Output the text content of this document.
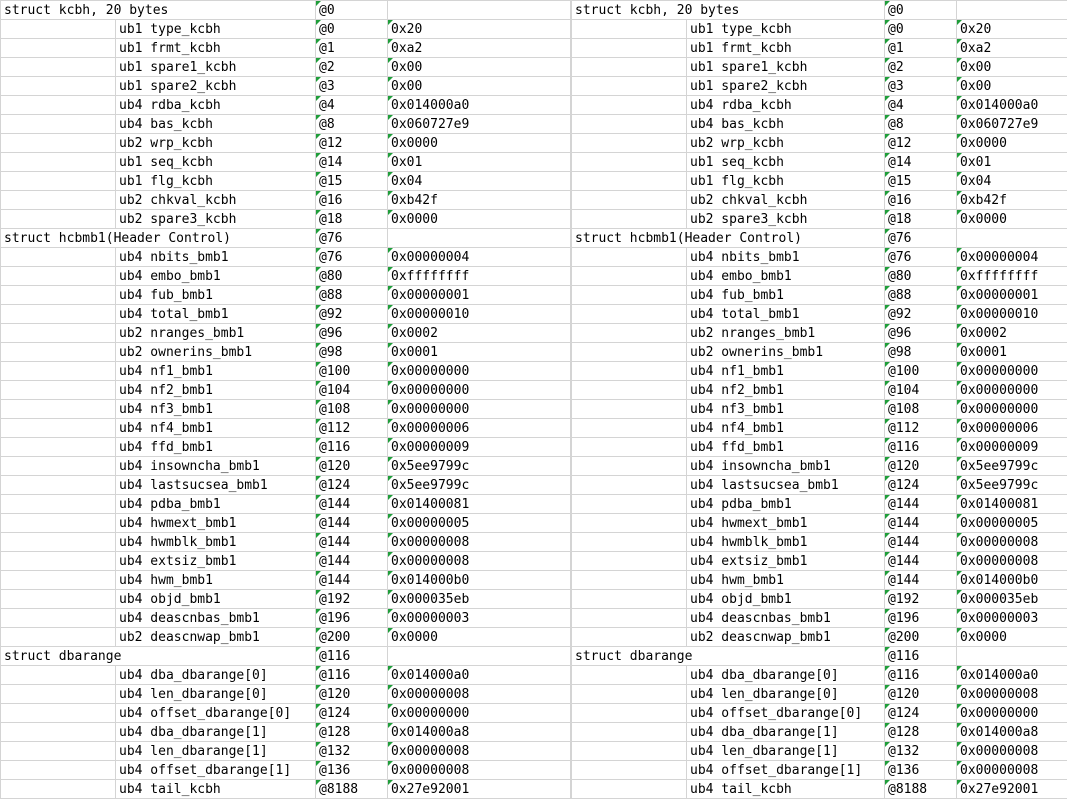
struct kcbh, 20 bytes		@0	
	ub1 type_kcbh	@0	0x20
	ub1 frmt_kcbh	@1	0xa2
	ub1 spare1_kcbh	@2	0x00
	ub1 spare2_kcbh	@3	0x00
	ub4 rdba_kcbh	@4	0x014000a0
	ub4 bas_kcbh	@8	0x060727e9
	ub2 wrp_kcbh	@12	0x0000
	ub1 seq_kcbh	@14	0x01
	ub1 flg_kcbh	@15	0x04
	ub2 chkval_kcbh	@16	0xb42f
	ub2 spare3_kcbh	@18	0x0000
struct hcbmb1(Header Control)		@76	
	ub4 nbits_bmb1	@76	0x00000004
	ub4 embo_bmb1	@80	0xffffffff
	ub4 fub_bmb1	@88	0x00000001
	ub4 total_bmb1	@92	0x00000010
	ub2 nranges_bmb1	@96	0x0002
	ub2 ownerins_bmb1	@98	0x0001
	ub4 nf1_bmb1	@100	0x00000000
	ub4 nf2_bmb1	@104	0x00000000
	ub4 nf3_bmb1	@108	0x00000000
	ub4 nf4_bmb1	@112	0x00000006
	ub4 ffd_bmb1	@116	0x00000009
	ub4 insowncha_bmb1	@120	0x5ee9799c
	ub4 lastsucsea_bmb1	@124	0x5ee9799c
	ub4 pdba_bmb1	@144	0x01400081
	ub4 hwmext_bmb1	@144	0x00000005
	ub4 hwmblk_bmb1	@144	0x00000008
	ub4 extsiz_bmb1	@144	0x00000008
	ub4 hwm_bmb1	@144	0x014000b0
	ub4 objd_bmb1	@192	0x000035eb
	ub4 deascnbas_bmb1	@196	0x00000003
	ub2 deascnwap_bmb1	@200	0x0000
struct dbarange		@116	
	ub4 dba_dbarange[0]	@116	0x014000a0
	ub4 len_dbarange[0]	@120	0x00000008
	ub4 offset_dbarange[0]	@124	0x00000000
	ub4 dba_dbarange[1]	@128	0x014000a8
	ub4 len_dbarange[1]	@132	0x00000008
	ub4 offset_dbarange[1]	@136	0x00000008
	ub4 tail_kcbh	@8188	0x27e92001
struct kcbh, 20 bytes		@0	
	ub1 type_kcbh	@0	0x20
	ub1 frmt_kcbh	@1	0xa2
	ub1 spare1_kcbh	@2	0x00
	ub1 spare2_kcbh	@3	0x00
	ub4 rdba_kcbh	@4	0x014000a0
	ub4 bas_kcbh	@8	0x060727e9
	ub2 wrp_kcbh	@12	0x0000
	ub1 seq_kcbh	@14	0x01
	ub1 flg_kcbh	@15	0x04
	ub2 chkval_kcbh	@16	0xb42f
	ub2 spare3_kcbh	@18	0x0000
struct hcbmb1(Header Control)		@76	
	ub4 nbits_bmb1	@76	0x00000004
	ub4 embo_bmb1	@80	0xffffffff
	ub4 fub_bmb1	@88	0x00000001
	ub4 total_bmb1	@92	0x00000010
	ub2 nranges_bmb1	@96	0x0002
	ub2 ownerins_bmb1	@98	0x0001
	ub4 nf1_bmb1	@100	0x00000000
	ub4 nf2_bmb1	@104	0x00000000
	ub4 nf3_bmb1	@108	0x00000000
	ub4 nf4_bmb1	@112	0x00000006
	ub4 ffd_bmb1	@116	0x00000009
	ub4 insowncha_bmb1	@120	0x5ee9799c
	ub4 lastsucsea_bmb1	@124	0x5ee9799c
	ub4 pdba_bmb1	@144	0x01400081
	ub4 hwmext_bmb1	@144	0x00000005
	ub4 hwmblk_bmb1	@144	0x00000008
	ub4 extsiz_bmb1	@144	0x00000008
	ub4 hwm_bmb1	@144	0x014000b0
	ub4 objd_bmb1	@192	0x000035eb
	ub4 deascnbas_bmb1	@196	0x00000003
	ub2 deascnwap_bmb1	@200	0x0000
struct dbarange		@116	
	ub4 dba_dbarange[0]	@116	0x014000a0
	ub4 len_dbarange[0]	@120	0x00000008
	ub4 offset_dbarange[0]	@124	0x00000000
	ub4 dba_dbarange[1]	@128	0x014000a8
	ub4 len_dbarange[1]	@132	0x00000008
	ub4 offset_dbarange[1]	@136	0x00000008
	ub4 tail_kcbh	@8188	0x27e92001
